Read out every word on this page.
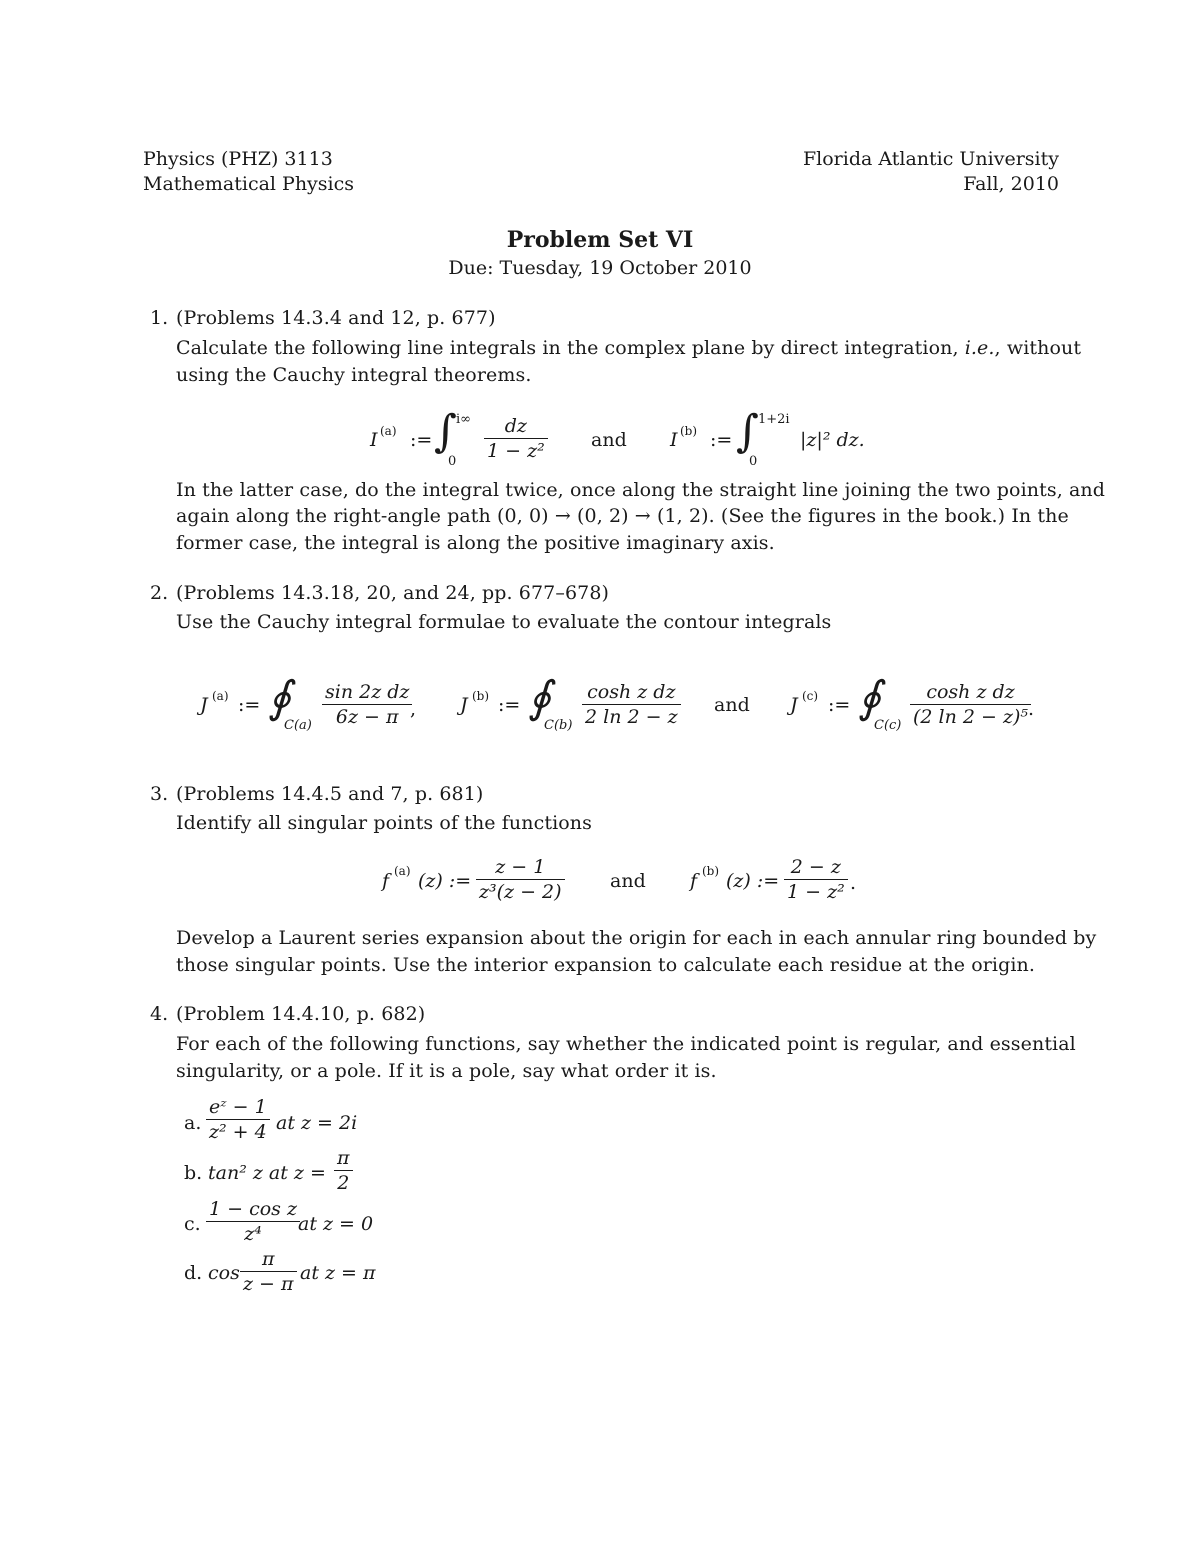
Physics (PHZ) 3113
Mathematical Physics
Florida Atlantic University
Fall, 2010
Problem Set VI
Due: Tuesday, 19 October 2010
1. (Problems 14.3.4 and 12, p. 677)
Calculate the following line integrals in the complex plane by direct integration, i.e., without
using the Cauchy integral theorems.
I (a) := ∫ i∞
$0 \frac{dz}{\text{1 − z²}}$ and I (b) := ∫ 1+2i
0
|z|² dz.
In the latter case, do the integral twice, once along the straight line joining the two points, and
again along the right-angle path (0, 0) → (0, 2) → (1, 2). (See the figures in the book.) In the
former case, the integral is along the positive imaginary axis.
2. (Problems 14.3.18, 20, and 24, pp. 677–678)
Use the Cauchy integral formulae to evaluate the contour integrals
J (a) := ∮
$C(a) \frac{\text{sin 2z dz}}{6z - \pi}$
, J (b) := ∮
$C(b) \frac{\text{cosh z dz}}{2 \ln 2 - z}$ and J (c) := ∮
$C(c) \frac{\text{cosh z dz}}{\text{(2 ln 2 − z)⁵}}$
.
3. (Problems 14.4.5 and 7, p. 681)
Identify all singular points of the functions
f (a) (z) := $\frac{z - 1}{\text{z³(z − 2)}}$ and f (b) (z) := $\frac{2 - z}{\text{1 − z²}}$ .
Develop a Laurent series expansion about the origin for each in each annular ring bounded by
those singular points. Use the interior expansion to calculate each residue at the origin.
4. (Problem 14.4.10, p. 682)
For each of the following functions, say whether the indicated point is regular, and essential
singularity, or a pole. If it is a pole, say what order it is.
a. $\frac{\text{eᶻ − 1}}{\text{z² + 4}}$ at z = 2i
b. tan² z at $z = \frac{\pi}{2}$
c. $\frac{\text{1 − cos z}}{\text{z⁴}}$
at z = 0
d. $\cos \frac{\pi}{z - \pi}$ at z = π
